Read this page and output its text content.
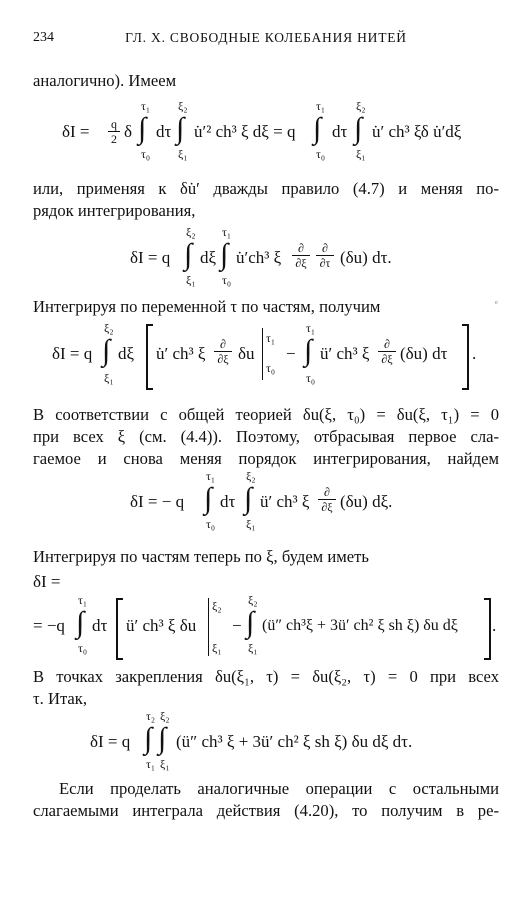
234	ГЛ. X. СВОБОДНЫЕ КОЛЕБАНИЯ НИТЕЙ
аналогично). Имеем
δI = q
2 δ
τ₁
∫
τ₀
dτ
ξ₂
∫
ξ₁
u̇′² ch³ ξ dξ = q
τ₁
∫
τ₀
dτ
ξ₂
∫
ξ₁
u̇′ ch³ ξδ u̇′dξ
или, применяя к δu̇′ дважды правило (4.7) и меняя по-
рядок интегрирования,
δI = q
ξ₂
∫
ξ₁
dξ
τ₁
∫
τ₀
u̇′ch³ ξ	∂
∂ξ
∂
∂τ (δu) dτ.
Интегрируя по переменной τ по частям, получим	ᵉ
δI = q
ξ₂
∫
ξ₁
dξ u̇′ ch³ ξ	∂
∂ξ δu
τ₁
τ₀
−
τ₁
∫
τ₀
ü′ ch³ ξ	∂
∂ξ (δu) dτ .
В соответствии с общей теорией δu(ξ, τ₀) = δu(ξ, τ₁) = 0
при всех ξ (см. (4.4)). Поэтому, отбрасывая первое сла-
гаемое и снова меняя порядок интегрирования, найдем
δI = − q
τ₁
∫
τ₀
dτ
ξ₂
∫
ξ₁
ü′ ch³ ξ	∂
∂ξ (δu) dξ.
Интегрируя по частям теперь по ξ, будем иметь
δI =
= −q
τ₁
∫
τ₀
dτ ü′ ch³ ξ δu
ξ₂
ξ₁
−
ξ₂
∫
ξ₁
(ü″ ch³ξ + 3ü′ ch² ξ sh ξ) δu dξ .
В точках закрепления δu(ξ₁, τ) = δu(ξ₂, τ) = 0 при всех
τ. Итак,
δI = q
τ₂
∫
τ₁
ξ₂
∫
ξ₁
(ü″ ch³ ξ + 3ü′ ch² ξ sh ξ) δu dξ dτ.
Если проделать аналогичные операции с остальными
слагаемыми интеграла действия (4.20), то получим в ре-
